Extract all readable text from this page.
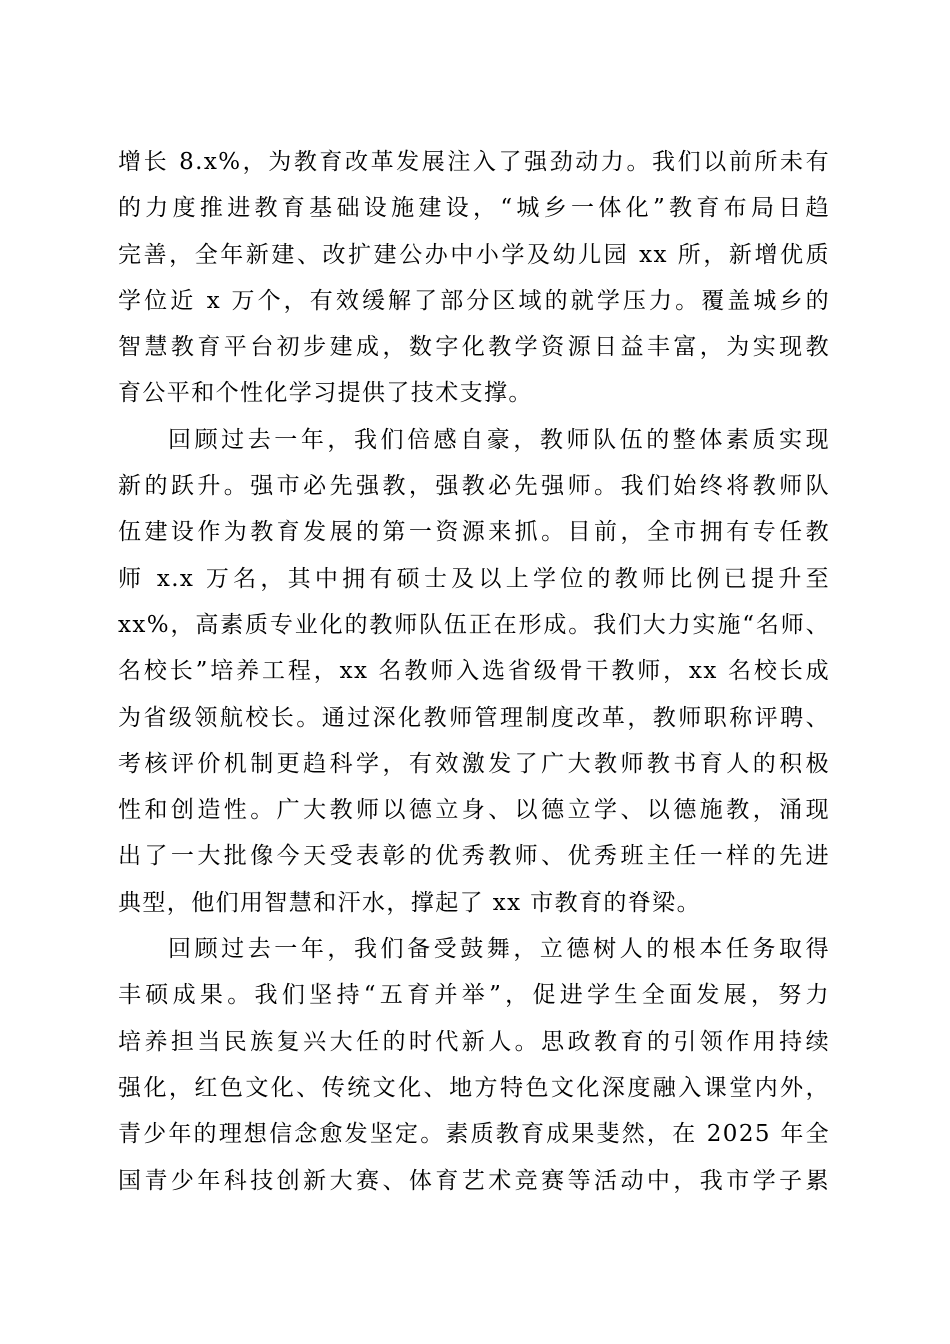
增长 8.x%，为教育改革发展注入了强劲动力。我们以前所未有
的力度推进教育基础设施建设，“城乡一体化”教育布局日趋
完善，全年新建、改扩建公办中小学及幼儿园 xx 所，新增优质
学位近 x 万个，有效缓解了部分区域的就学压力。覆盖城乡的
智慧教育平台初步建成，数字化教学资源日益丰富，为实现教
育公平和个性化学习提供了技术支撑。
回顾过去一年，我们倍感自豪，教师队伍的整体素质实现
新的跃升。强市必先强教，强教必先强师。我们始终将教师队
伍建设作为教育发展的第一资源来抓。目前，全市拥有专任教
师 x.x 万名，其中拥有硕士及以上学位的教师比例已提升至
xx%，高素质专业化的教师队伍正在形成。我们大力实施“名师、
名校长”培养工程，xx 名教师入选省级骨干教师，xx 名校长成
为省级领航校长。通过深化教师管理制度改革，教师职称评聘、
考核评价机制更趋科学，有效激发了广大教师教书育人的积极
性和创造性。广大教师以德立身、以德立学、以德施教，涌现
出了一大批像今天受表彰的优秀教师、优秀班主任一样的先进
典型，他们用智慧和汗水，撑起了 xx 市教育的脊梁。
回顾过去一年，我们备受鼓舞，立德树人的根本任务取得
丰硕成果。我们坚持“五育并举”，促进学生全面发展，努力
培养担当民族复兴大任的时代新人。思政教育的引领作用持续
强化，红色文化、传统文化、地方特色文化深度融入课堂内外，
青少年的理想信念愈发坚定。素质教育成果斐然，在 2025 年全
国青少年科技创新大赛、体育艺术竞赛等活动中，我市学子累
